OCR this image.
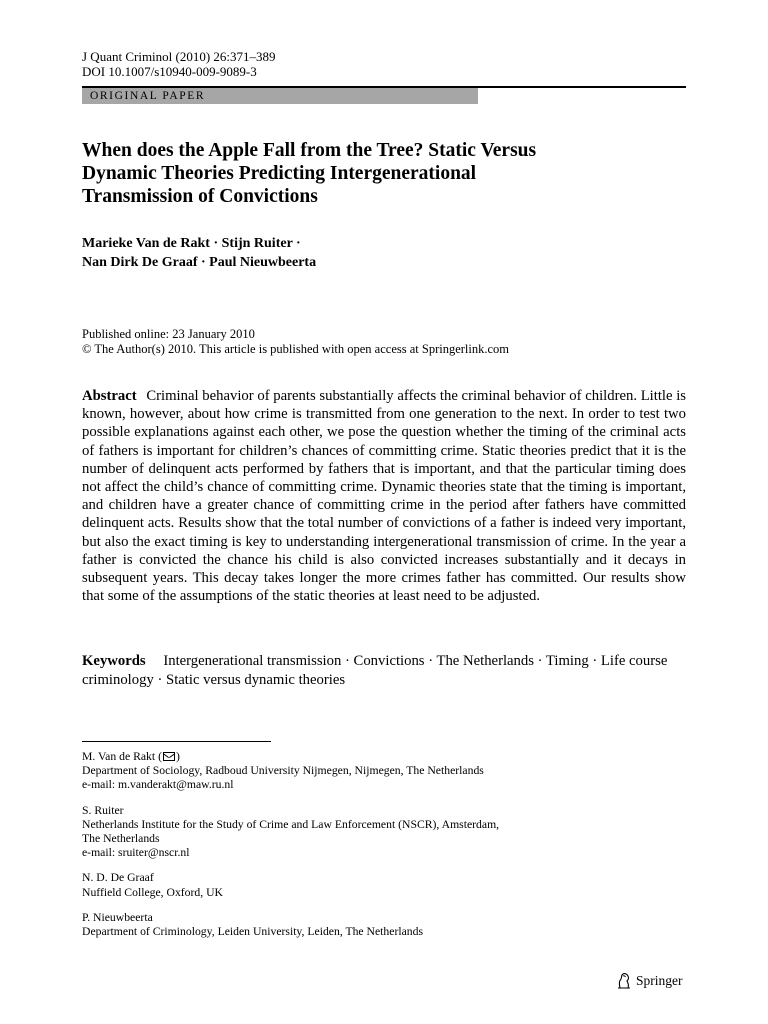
J Quant Criminol (2010) 26:371–389
DOI 10.1007/s10940-009-9089-3
ORIGINAL PAPER
When does the Apple Fall from the Tree? Static Versus
Dynamic Theories Predicting Intergenerational
Transmission of Convictions
Marieke Van de Rakt · Stijn Ruiter ·
Nan Dirk De Graaf · Paul Nieuwbeerta
Published online: 23 January 2010
© The Author(s) 2010. This article is published with open access at Springerlink.com
Abstract Criminal behavior of parents substantially affects the criminal behavior of children. Little is known, however, about how crime is transmitted from one generation to the next. In order to test two possible explanations against each other, we pose the question whether the timing of the criminal acts of fathers is important for children’s chances of committing crime. Static theories predict that it is the number of delinquent acts performed by fathers that is important, and that the particular timing does not affect the child’s chance of committing crime. Dynamic theories state that the timing is important, and children have a greater chance of committing crime in the period after fathers have committed delinquent acts. Results show that the total number of convictions of a father is indeed very important, but also the exact timing is key to understanding intergenerational transmission of crime. In the year a father is convicted the chance his child is also convicted increases substantially and it decays in subsequent years. This decay takes longer the more crimes father has committed. Our results show that some of the assumptions of the static theories at least need to be adjusted.
Keywords Intergenerational transmission · Convictions · The Netherlands · Timing · Life course criminology · Static versus dynamic theories
M. Van de Rakt ( )
Department of Sociology, Radboud University Nijmegen, Nijmegen, The Netherlands
e-mail: m.vanderakt@maw.ru.nl
S. Ruiter
Netherlands Institute for the Study of Crime and Law Enforcement (NSCR), Amsterdam,
The Netherlands
e-mail: sruiter@nscr.nl
N. D. De Graaf
Nuffield College, Oxford, UK
P. Nieuwbeerta
Department of Criminology, Leiden University, Leiden, The Netherlands
Springer
